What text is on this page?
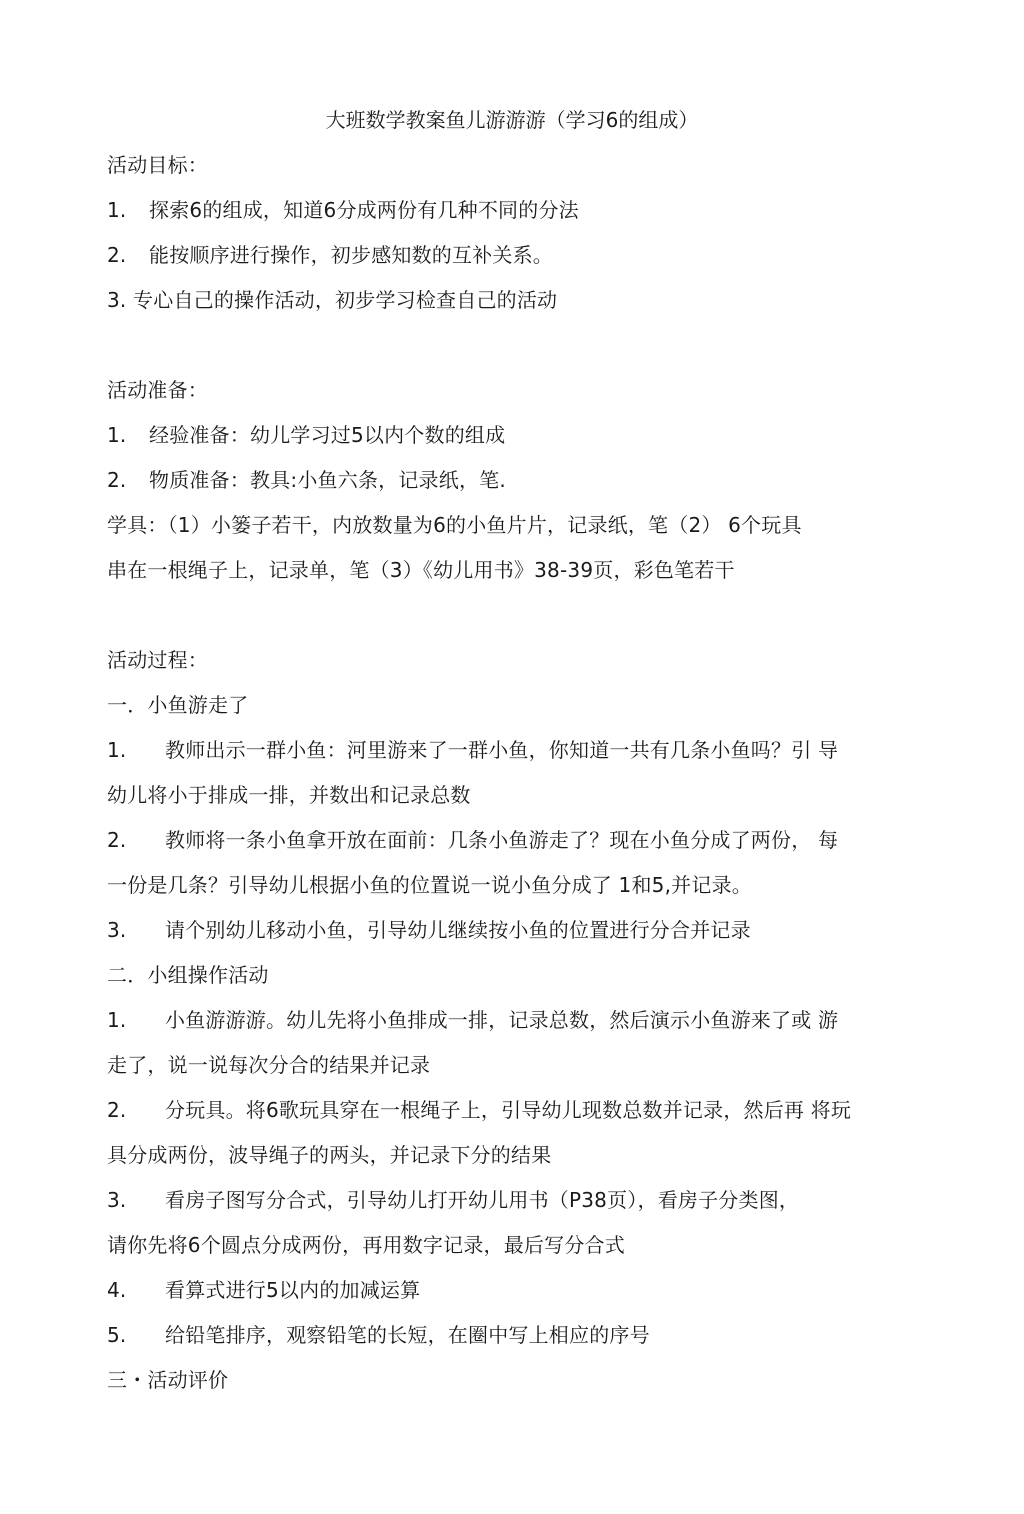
大班数学教案鱼儿游游游（学习6的组成）
活动目标：
1. 探索6的组成，知道6分成两份有几种不同的分法
2. 能按顺序进行操作，初步感知数的互补关系。
3. 专心自己的操作活动，初步学习检查自己的活动
活动准备：
1. 经验准备：幼儿学习过5以内个数的组成
2. 物质准备：教具:小鱼六条，记录纸，笔.
学具：（1）小篓子若干，内放数量为6的小鱼片片，记录纸，笔（2） 6个玩具
串在一根绳子上，记录单，笔（3）《幼儿用书》38-39页，彩色笔若干
活动过程：
一．小鱼游走了
1. 教师出示一群小鱼：河里游来了一群小鱼，你知道一共有几条小鱼吗？引 导
幼儿将小于排成一排，并数出和记录总数
2. 教师将一条小鱼拿开放在面前：几条小鱼游走了？现在小鱼分成了两份， 每
一份是几条？引导幼儿根据小鱼的位置说一说小鱼分成了 1和5,并记录。
3. 请个别幼儿移动小鱼，引导幼儿继续按小鱼的位置进行分合并记录
二．小组操作活动
1. 小鱼游游游。幼儿先将小鱼排成一排，记录总数，然后演示小鱼游来了或 游
走了，说一说每次分合的结果并记录
2. 分玩具。将6歌玩具穿在一根绳子上，引导幼儿现数总数并记录，然后再 将玩
具分成两份，波导绳子的两头，并记录下分的结果
3. 看房子图写分合式，引导幼儿打开幼儿用书（P38页），看房子分类图，
请你先将6个圆点分成两份，再用数字记录，最后写分合式
4. 看算式进行5以内的加减运算
5. 给铅笔排序，观察铅笔的长短，在圈中写上相应的序号
三・活动评价
